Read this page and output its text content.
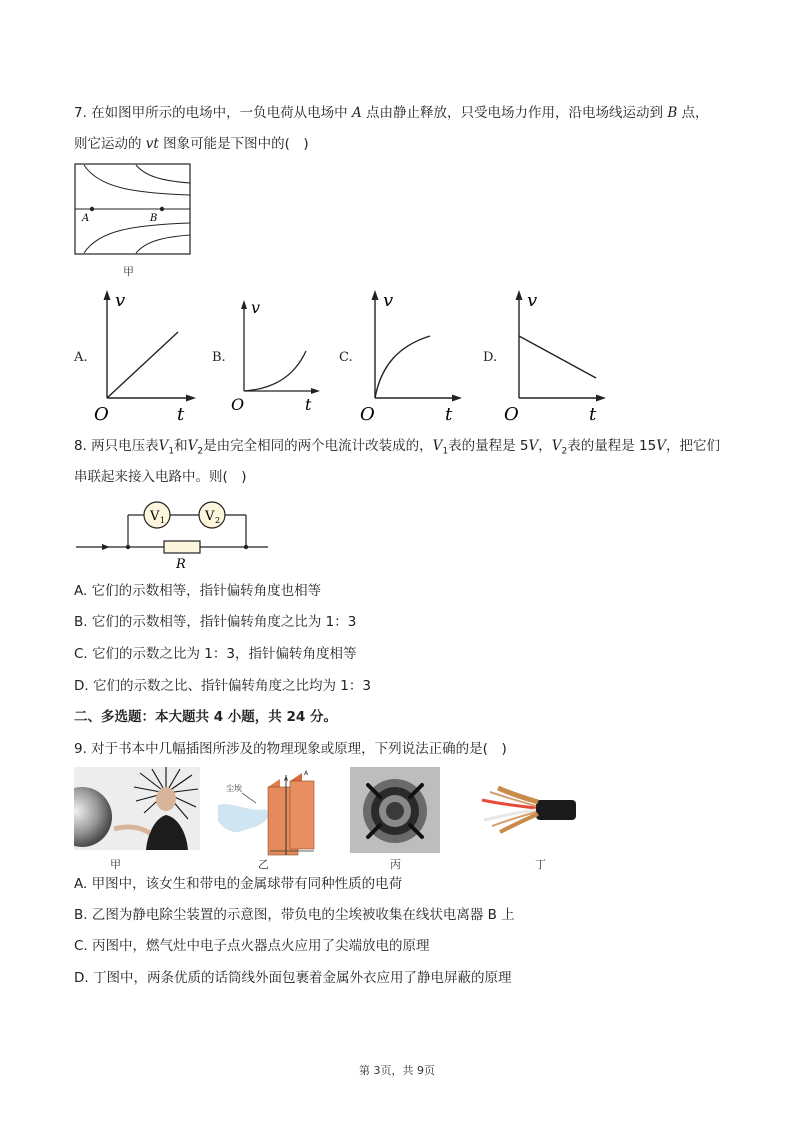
7. 在如图甲所示的电场中，一负电荷从电场中 A 点由静止释放，只受电场力作用，沿电场线运动到 B 点，
则它运动的 vt 图象可能是下图中的(　)
A	B
甲
A.
v
O	t
B.
v
O	t
C.
v
O	t
D.
v
O	t
8. 两只电压表$V_1$和$V_2$是由完全相同的两个电流计改装成的，$V_1$表的量程是 5V，$V_2$表的量程是 15V，把它们
串联起来接入电路中。则(　)
V 1	V 2
R
A. 它们的示数相等，指针偏转角度也相等
B. 它们的示数相等，指针偏转角度之比为 1：3
C. 它们的示数之比为 1：3，指针偏转角度相等
D. 它们的示数之比、指针偏转角度之比均为 1：3
二、多选题：本大题共 4 小题，共 24 分。
9. 对于书本中几幅插图所涉及的物理现象或原理，下列说法正确的是(　)
甲
尘埃
A
A
乙	丙	丁
A. 甲图中，该女生和带电的金属球带有同种性质的电荷
B. 乙图为静电除尘装置的示意图，带负电的尘埃被收集在线状电离器 B 上
C. 丙图中，燃气灶中电子点火器点火应用了尖端放电的原理
D. 丁图中，两条优质的话筒线外面包裹着金属外衣应用了静电屏蔽的原理
第 3页，共 9页
